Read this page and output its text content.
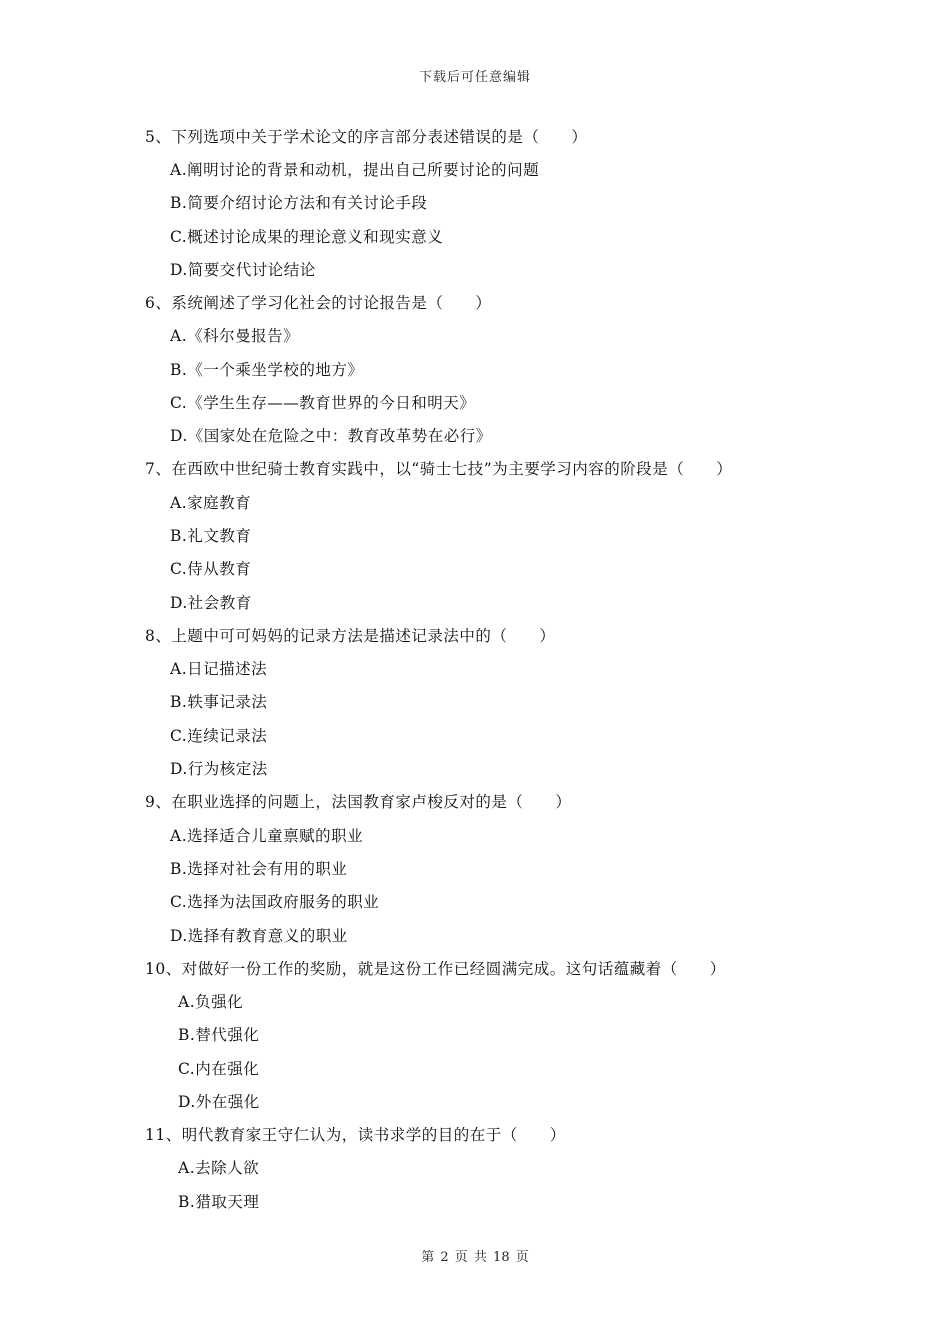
下载后可任意编辑
5、下列选项中关于学术论文的序言部分表述错误的是（　　）
A.阐明讨论的背景和动机，提出自己所要讨论的问题
B.简要介绍讨论方法和有关讨论手段
C.概述讨论成果的理论意义和现实意义
D.简要交代讨论结论
6、系统阐述了学习化社会的讨论报告是（　　）
A.《科尔曼报告》
B.《一个乘坐学校的地方》
C.《学生生存——教育世界的今日和明天》
D.《国家处在危险之中：教育改革势在必行》
7、在西欧中世纪骑士教育实践中，以“骑士七技”为主要学习内容的阶段是（　　）
A.家庭教育
B.礼文教育
C.侍从教育
D.社会教育
8、上题中可可妈妈的记录方法是描述记录法中的（　　）
A.日记描述法
B.轶事记录法
C.连续记录法
D.行为核定法
9、在职业选择的问题上，法国教育家卢梭反对的是（　　）
A.选择适合儿童禀赋的职业
B.选择对社会有用的职业
C.选择为法国政府服务的职业
D.选择有教育意义的职业
10、对做好一份工作的奖励，就是这份工作已经圆满完成。这句话蕴藏着（　　）
A.负强化
B.替代强化
C.内在强化
D.外在强化
11、明代教育家王守仁认为，读书求学的目的在于（　　）
A.去除人欲
B.猎取天理
第 2 页 共 18 页
